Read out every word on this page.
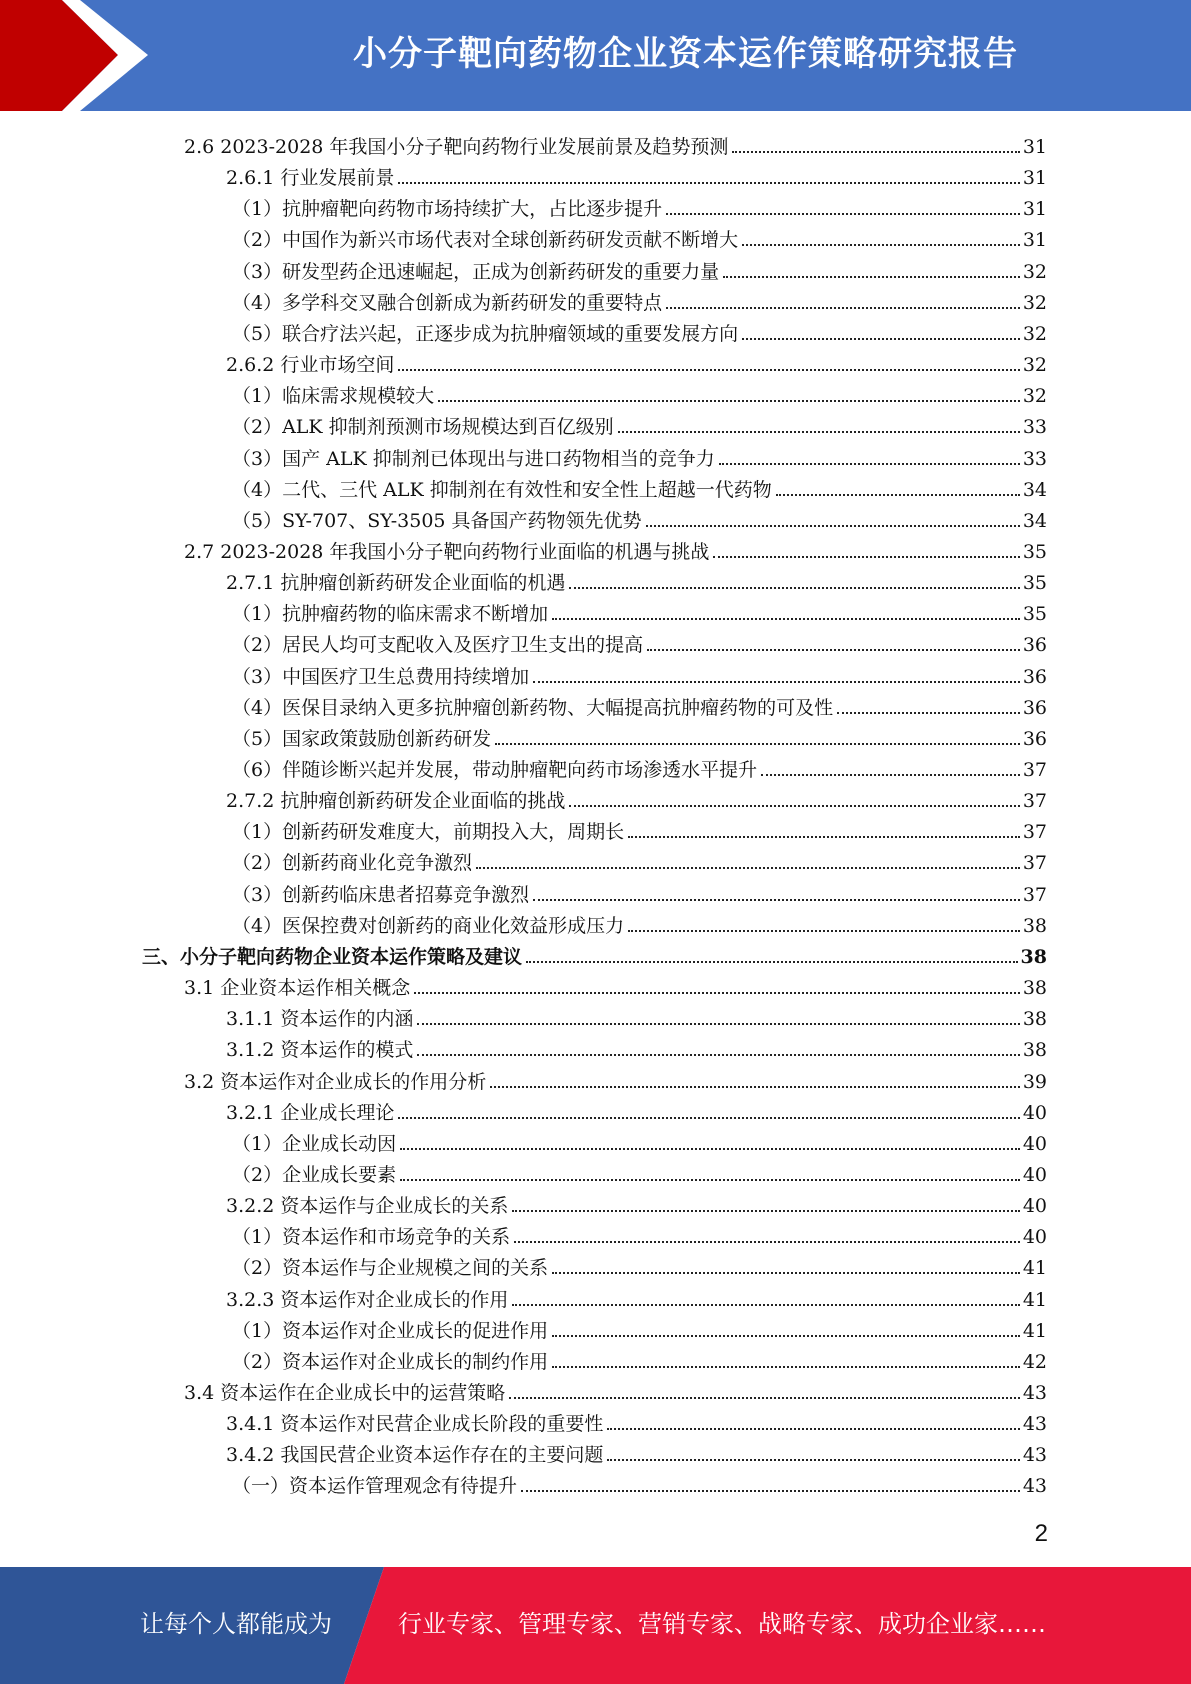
小分子靶向药物企业资本运作策略研究报告
2.6 2023-2028 年我国小分子靶向药物行业发展前景及趋势预测	31
2.6.1 行业发展前景	31
（1）抗肿瘤靶向药物市场持续扩大，占比逐步提升	31
（2）中国作为新兴市场代表对全球创新药研发贡献不断增大	31
（3）研发型药企迅速崛起，正成为创新药研发的重要力量	32
（4）多学科交叉融合创新成为新药研发的重要特点	32
（5）联合疗法兴起，正逐步成为抗肿瘤领域的重要发展方向	32
2.6.2 行业市场空间	32
（1）临床需求规模较大	32
（2）ALK 抑制剂预测市场规模达到百亿级别	33
（3）国产 ALK 抑制剂已体现出与进口药物相当的竞争力	33
（4）二代、三代 ALK 抑制剂在有效性和安全性上超越一代药物	34
（5）SY-707、SY-3505 具备国产药物领先优势	34
2.7 2023-2028 年我国小分子靶向药物行业面临的机遇与挑战	35
2.7.1 抗肿瘤创新药研发企业面临的机遇	35
（1）抗肿瘤药物的临床需求不断增加	35
（2）居民人均可支配收入及医疗卫生支出的提高	36
（3）中国医疗卫生总费用持续增加	36
（4）医保目录纳入更多抗肿瘤创新药物、大幅提高抗肿瘤药物的可及性	36
（5）国家政策鼓励创新药研发	36
（6）伴随诊断兴起并发展，带动肿瘤靶向药市场渗透水平提升	37
2.7.2 抗肿瘤创新药研发企业面临的挑战	37
（1）创新药研发难度大，前期投入大，周期长	37
（2）创新药商业化竞争激烈	37
（3）创新药临床患者招募竞争激烈	37
（4）医保控费对创新药的商业化效益形成压力	38
三、小分子靶向药物企业资本运作策略及建议	38
3.1 企业资本运作相关概念	38
3.1.1 资本运作的内涵	38
3.1.2 资本运作的模式	38
3.2 资本运作对企业成长的作用分析	39
3.2.1 企业成长理论	40
（1）企业成长动因	40
（2）企业成长要素	40
3.2.2 资本运作与企业成长的关系	40
（1）资本运作和市场竞争的关系	40
（2）资本运作与企业规模之间的关系	41
3.2.3 资本运作对企业成长的作用	41
（1）资本运作对企业成长的促进作用	41
（2）资本运作对企业成长的制约作用	42
3.4 资本运作在企业成长中的运营策略	43
3.4.1 资本运作对民营企业成长阶段的重要性	43
3.4.2 我国民营企业资本运作存在的主要问题	43
（一）资本运作管理观念有待提升	43
2
让每个人都能成为	行业专家、管理专家、营销专家、战略专家、成功企业家……
